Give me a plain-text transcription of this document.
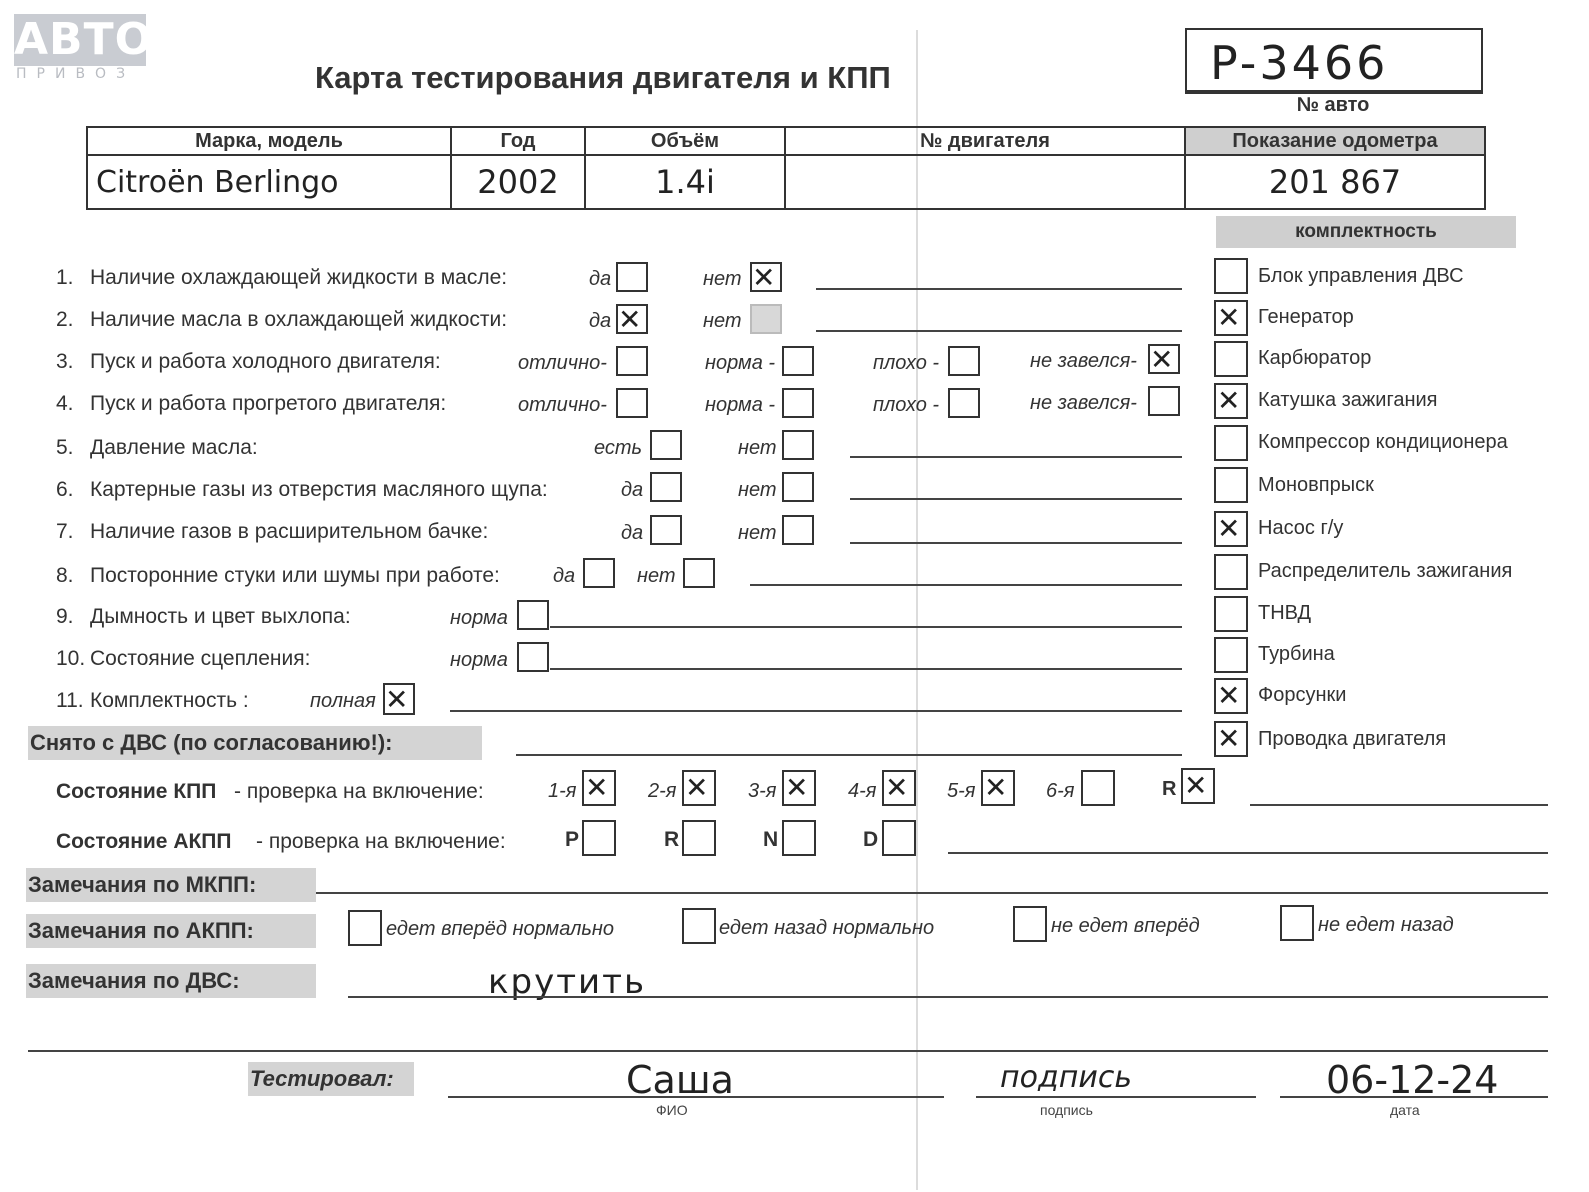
АВТО
ПРИВОЗ	Карта тестирования двигателя и КПП	P-3466
№ авто
Марка, модель	Год	Объём	№ двигателя	Показание одометра
Citroën Berlingo	2002	1.4i		201 867
комплектность
1. Наличие охлаждающей жидкости в масле:	да	нет ✕
2. Наличие масла в охлаждающей жидкости:	да ✕	нет
3. Пуск и работа холодного двигателя:	отлично-	норма -	плохо -	не завелся- ✕
4. Пуск и работа прогретого двигателя:	отлично-	норма -	плохо -	не завелся-
5. Давление масла:	есть	нет
6. Картерные газы из отверстия масляного щупа:	да	нет
7. Наличие газов в расширительном бачке:	да	нет
8. Посторонние стуки или шумы при работе:	да	нет
9. Дымность и цвет выхлопа:	норма
10. Состояние сцепления:	норма
11. Комплектность :	полная ✕
Снято с ДВС (по согласованию!):
Блок управления ДВС
✕ Генератор
Карбюратор
✕ Катушка зажигания
Компрессор кондиционера
Моновпрыск
✕ Насос г/у
Распределитель зажигания
ТНВД
Турбина
✕ Форсунки
✕ Проводка двигателя
Состояние КПП - проверка на включение:	1-я ✕ 2-я ✕ 3-я ✕ 4-я ✕ 5-я ✕ 6-я	R ✕
Состояние АКПП - проверка на включение:	P	R	N	D
Замечания по МКПП:
Замечания по АКПП:	едет вперёд нормально	едет назад нормально	не едет вперёд	не едет назад
Замечания по ДВС:	крутить
Тестировал:	Саша
ФИО
подпись
подпись
06-12-24
дата
